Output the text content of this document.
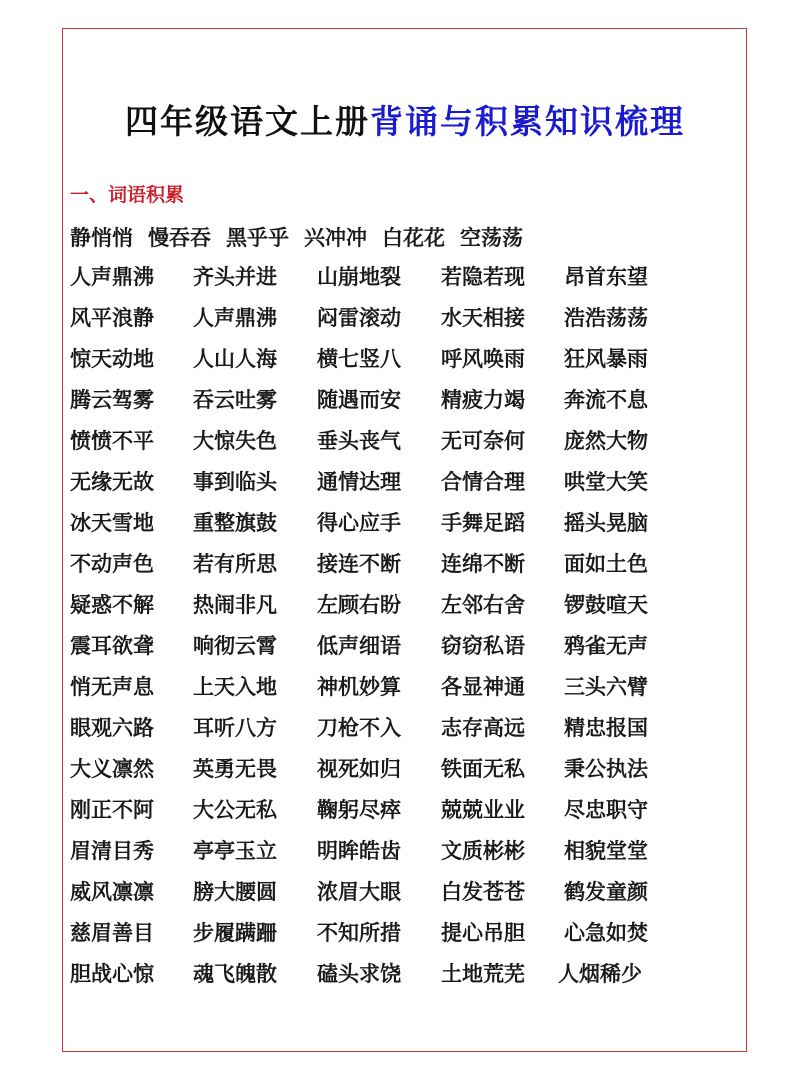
四年级语文上册背诵与积累知识梳理
一、词语积累
静悄悄 慢吞吞 黑乎乎 兴冲冲 白花花 空荡荡
人声鼎沸 齐头并进 山崩地裂 若隐若现 昂首东望
风平浪静 人声鼎沸 闷雷滚动 水天相接 浩浩荡荡
惊天动地 人山人海 横七竖八 呼风唤雨 狂风暴雨
腾云驾雾 吞云吐雾 随遇而安 精疲力竭 奔流不息
愤愤不平 大惊失色 垂头丧气 无可奈何 庞然大物
无缘无故 事到临头 通情达理 合情合理 哄堂大笑
冰天雪地 重整旗鼓 得心应手 手舞足蹈 摇头晃脑
不动声色 若有所思 接连不断 连绵不断 面如土色
疑惑不解 热闹非凡 左顾右盼 左邻右舍 锣鼓喧天
震耳欲聋 响彻云霄 低声细语 窃窃私语 鸦雀无声
悄无声息 上天入地 神机妙算 各显神通 三头六臂
眼观六路 耳听八方 刀枪不入 志存高远 精忠报国
大义凛然 英勇无畏 视死如归 铁面无私 秉公执法
刚正不阿 大公无私 鞠躬尽瘁 兢兢业业 尽忠职守
眉清目秀 亭亭玉立 明眸皓齿 文质彬彬 相貌堂堂
威风凛凛 膀大腰圆 浓眉大眼 白发苍苍 鹤发童颜
慈眉善目 步履蹒跚 不知所措 提心吊胆 心急如焚
胆战心惊 魂飞魄散 磕头求饶 土地荒芜 人烟稀少
